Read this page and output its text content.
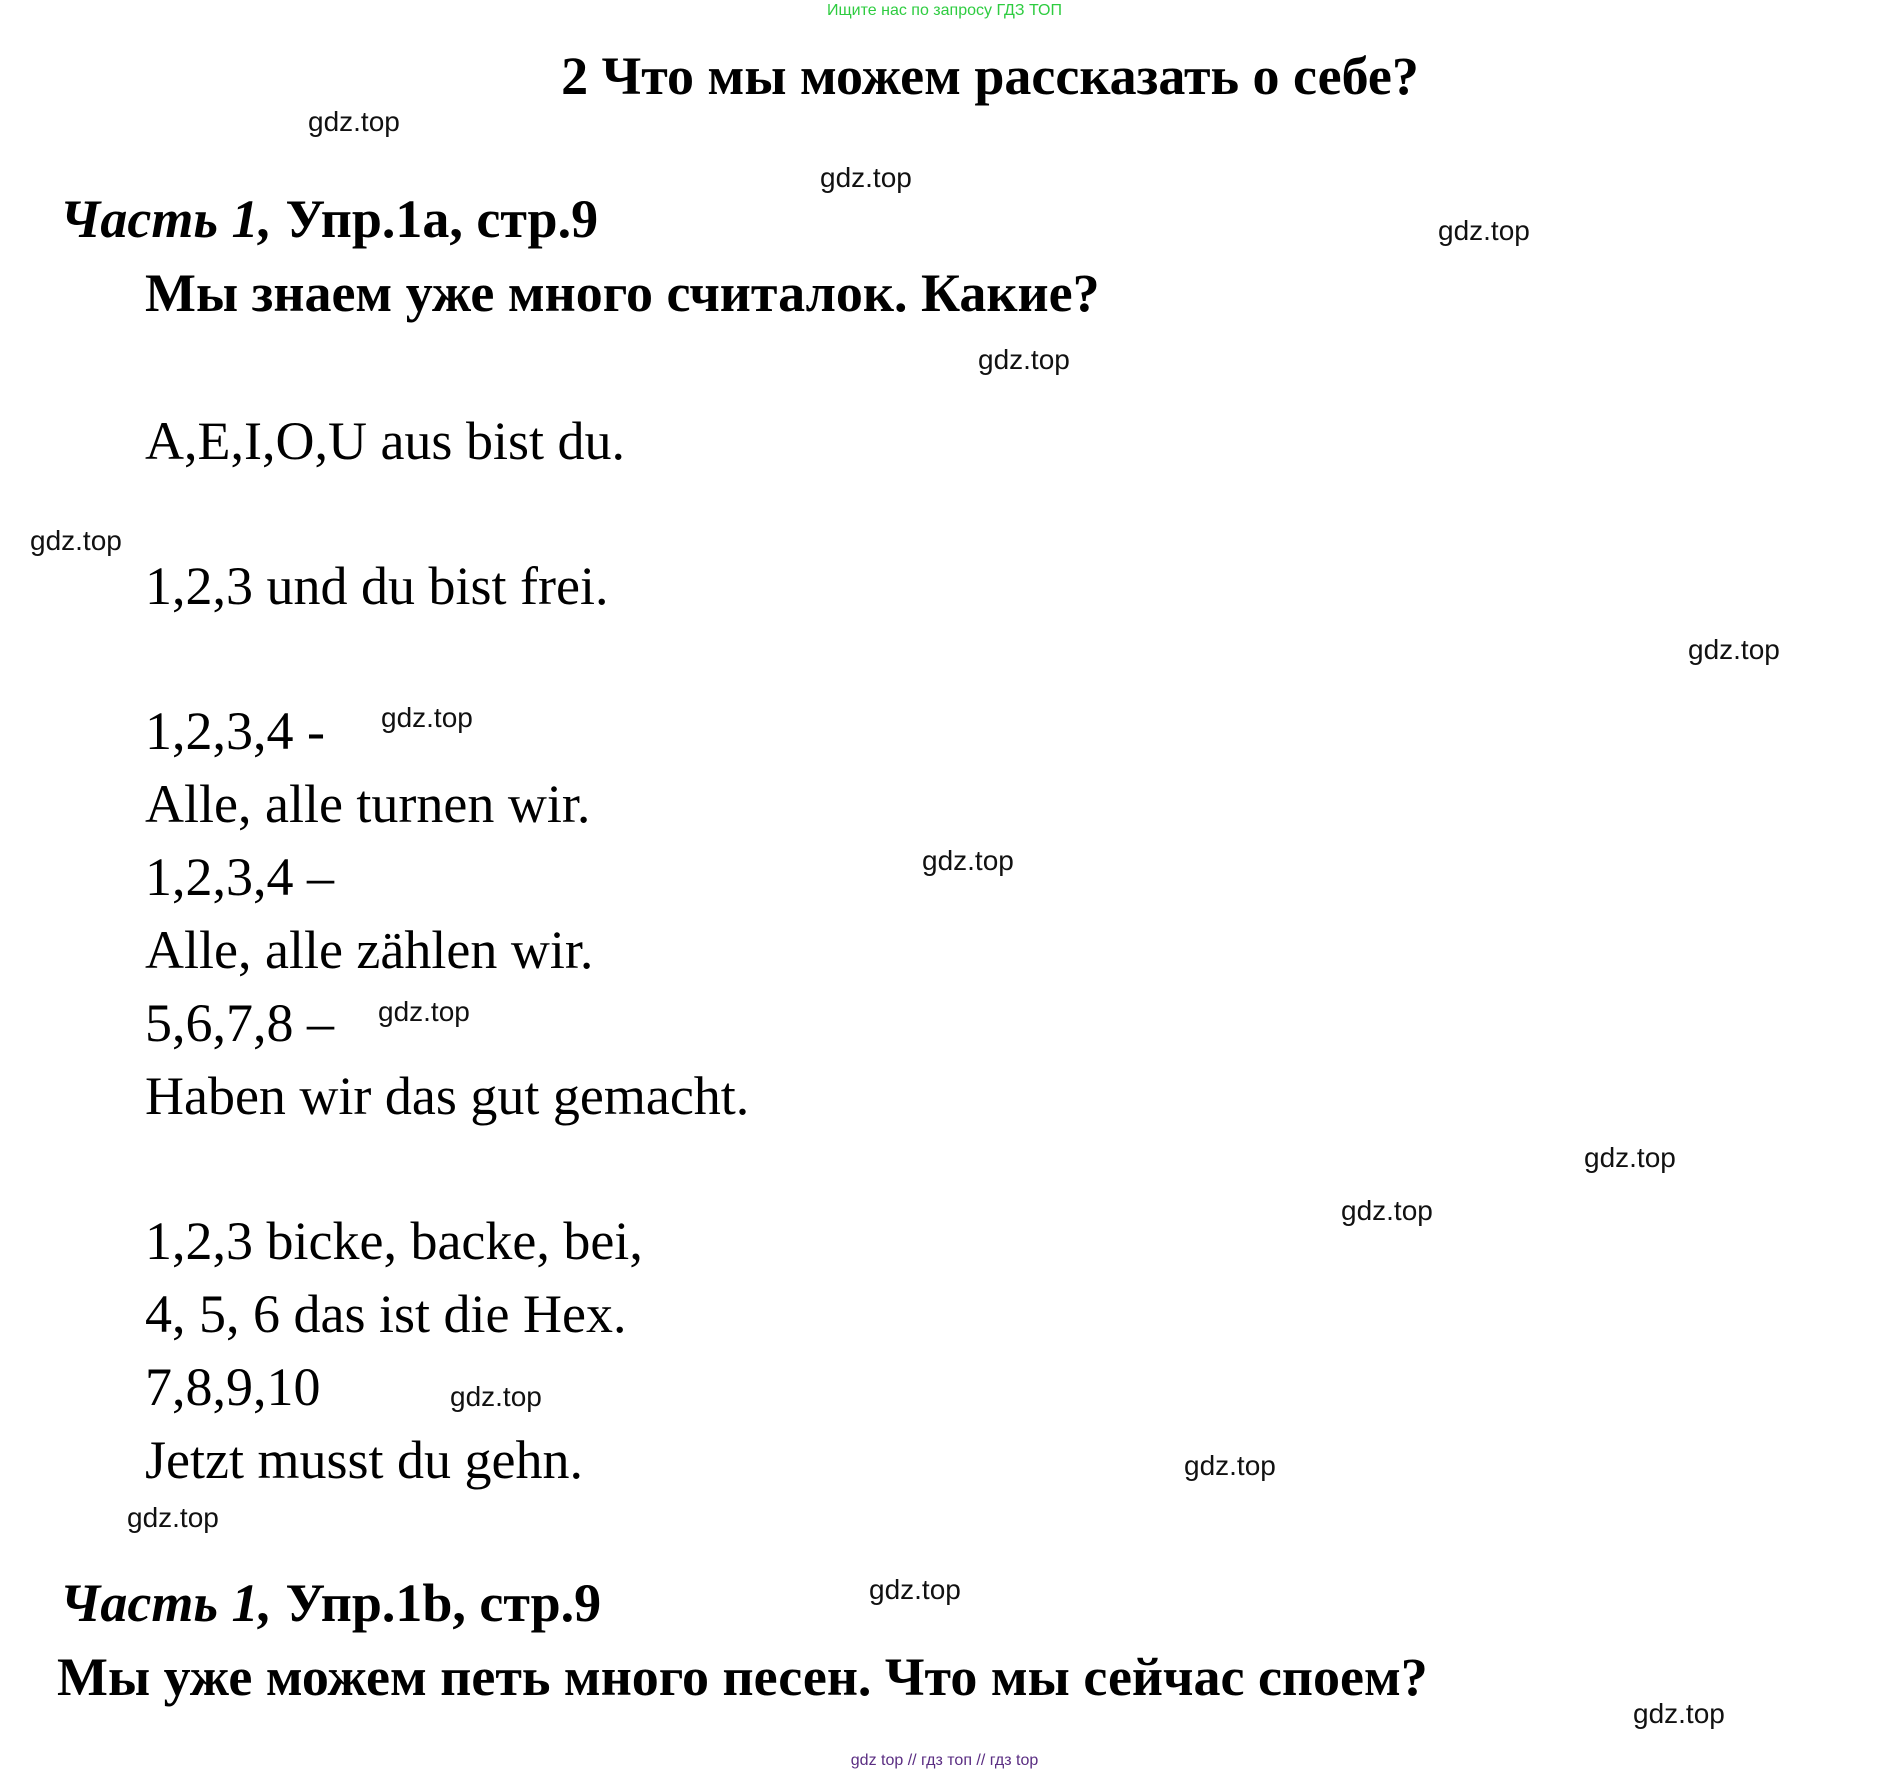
Ищите нас по запросу ГДЗ ТОП
2 Что мы можем рассказать о себе?
Часть 1, Упр.1a, стр.9
Мы знаем уже много считалок. Какие?
A,E,I,O,U aus bist du.
1,2,3 und du bist frei.
1,2,3,4 -
Alle, alle turnen wir.
1,2,3,4 –
Alle, alle zählen wir.
5,6,7,8 –
Haben wir das gut gemacht.
1,2,3 bicke, backe, bei,
4, 5, 6 das ist die Hex.
7,8,9,10
Jetzt musst du gehn.
Часть 1, Упр.1b, стр.9
Мы уже можем петь много песен. Что мы сейчас споем?
gdz.top
gdz.top
gdz.top
gdz.top
gdz.top
gdz.top
gdz.top
gdz.top
gdz.top
gdz.top
gdz.top
gdz.top
gdz.top
gdz.top
gdz.top
gdz.top
gdz top // гдз топ // гдз top
